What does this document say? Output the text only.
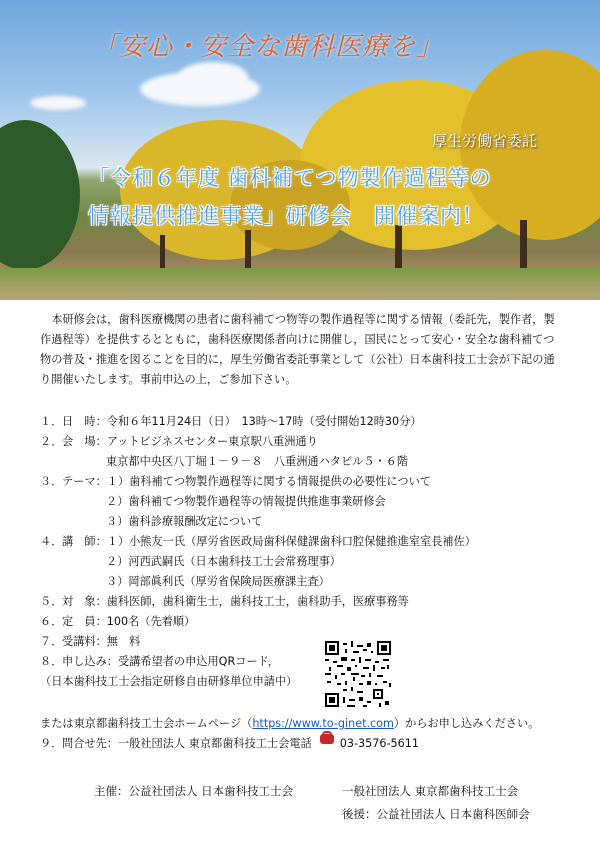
「安心・安全な歯科医療を」
厚生労働省委託
「令和６年度 歯科補てつ物製作過程等の
情報提供推進事業」研修会　開催案内！

本研修会は，歯科医療機関の患者に歯科補てつ物等の製作過程等に関する情報（委託先，製作者，製作過程等）を提供するとともに，歯科医療関係者向けに開催し，国民にとって安心・安全な歯科補てつ物の普及・推進を図ることを目的に，厚生労働省委託事業として（公社）日本歯科技工士会が下記の通り開催いたします。事前申込の上，ご参加下さい。

１． 日　時： 令和６年11月24日（日）　13時～17時（受付開始12時30分）
２． 会　場： アットビジネスセンター東京駅八重洲通り
東京都中央区八丁堀１－９－８　八重洲通ハタビル５・６階
３． テーマ： １）歯科補てつ物製作過程等に関する情報提供の必要性について
２）歯科補てつ物製作過程等の情報提供推進事業研修会
３）歯科診療報酬改定について
４． 講　師： １）小熊友一氏（厚労省医政局歯科保健課歯科口腔保健推進室室長補佐）
２）河西武嗣氏（日本歯科技工士会常務理事）
３）岡部眞利氏（厚労省保険局医療課主査）
５． 対　象： 歯科医師，歯科衛生士，歯科技工士，歯科助手，医療事務等
６． 定　員： 100名（先着順）
７． 受講料： 無　料
８． 申し込み： 受講希望者の申込用QRコード，
（日本歯科技工士会指定研修自由研修単位申請中）
または東京都歯科技工士会ホームページ（https://www.to-ginet.com）からお申し込みください。
９． 問合せ先： 一般社団法人 東京都歯科技工士会電話	03-3576-5611
主催：公益社団法人 日本歯科技工士会	一般社団法人 東京都歯科技工士会
後援：公益社団法人 日本歯科医師会
